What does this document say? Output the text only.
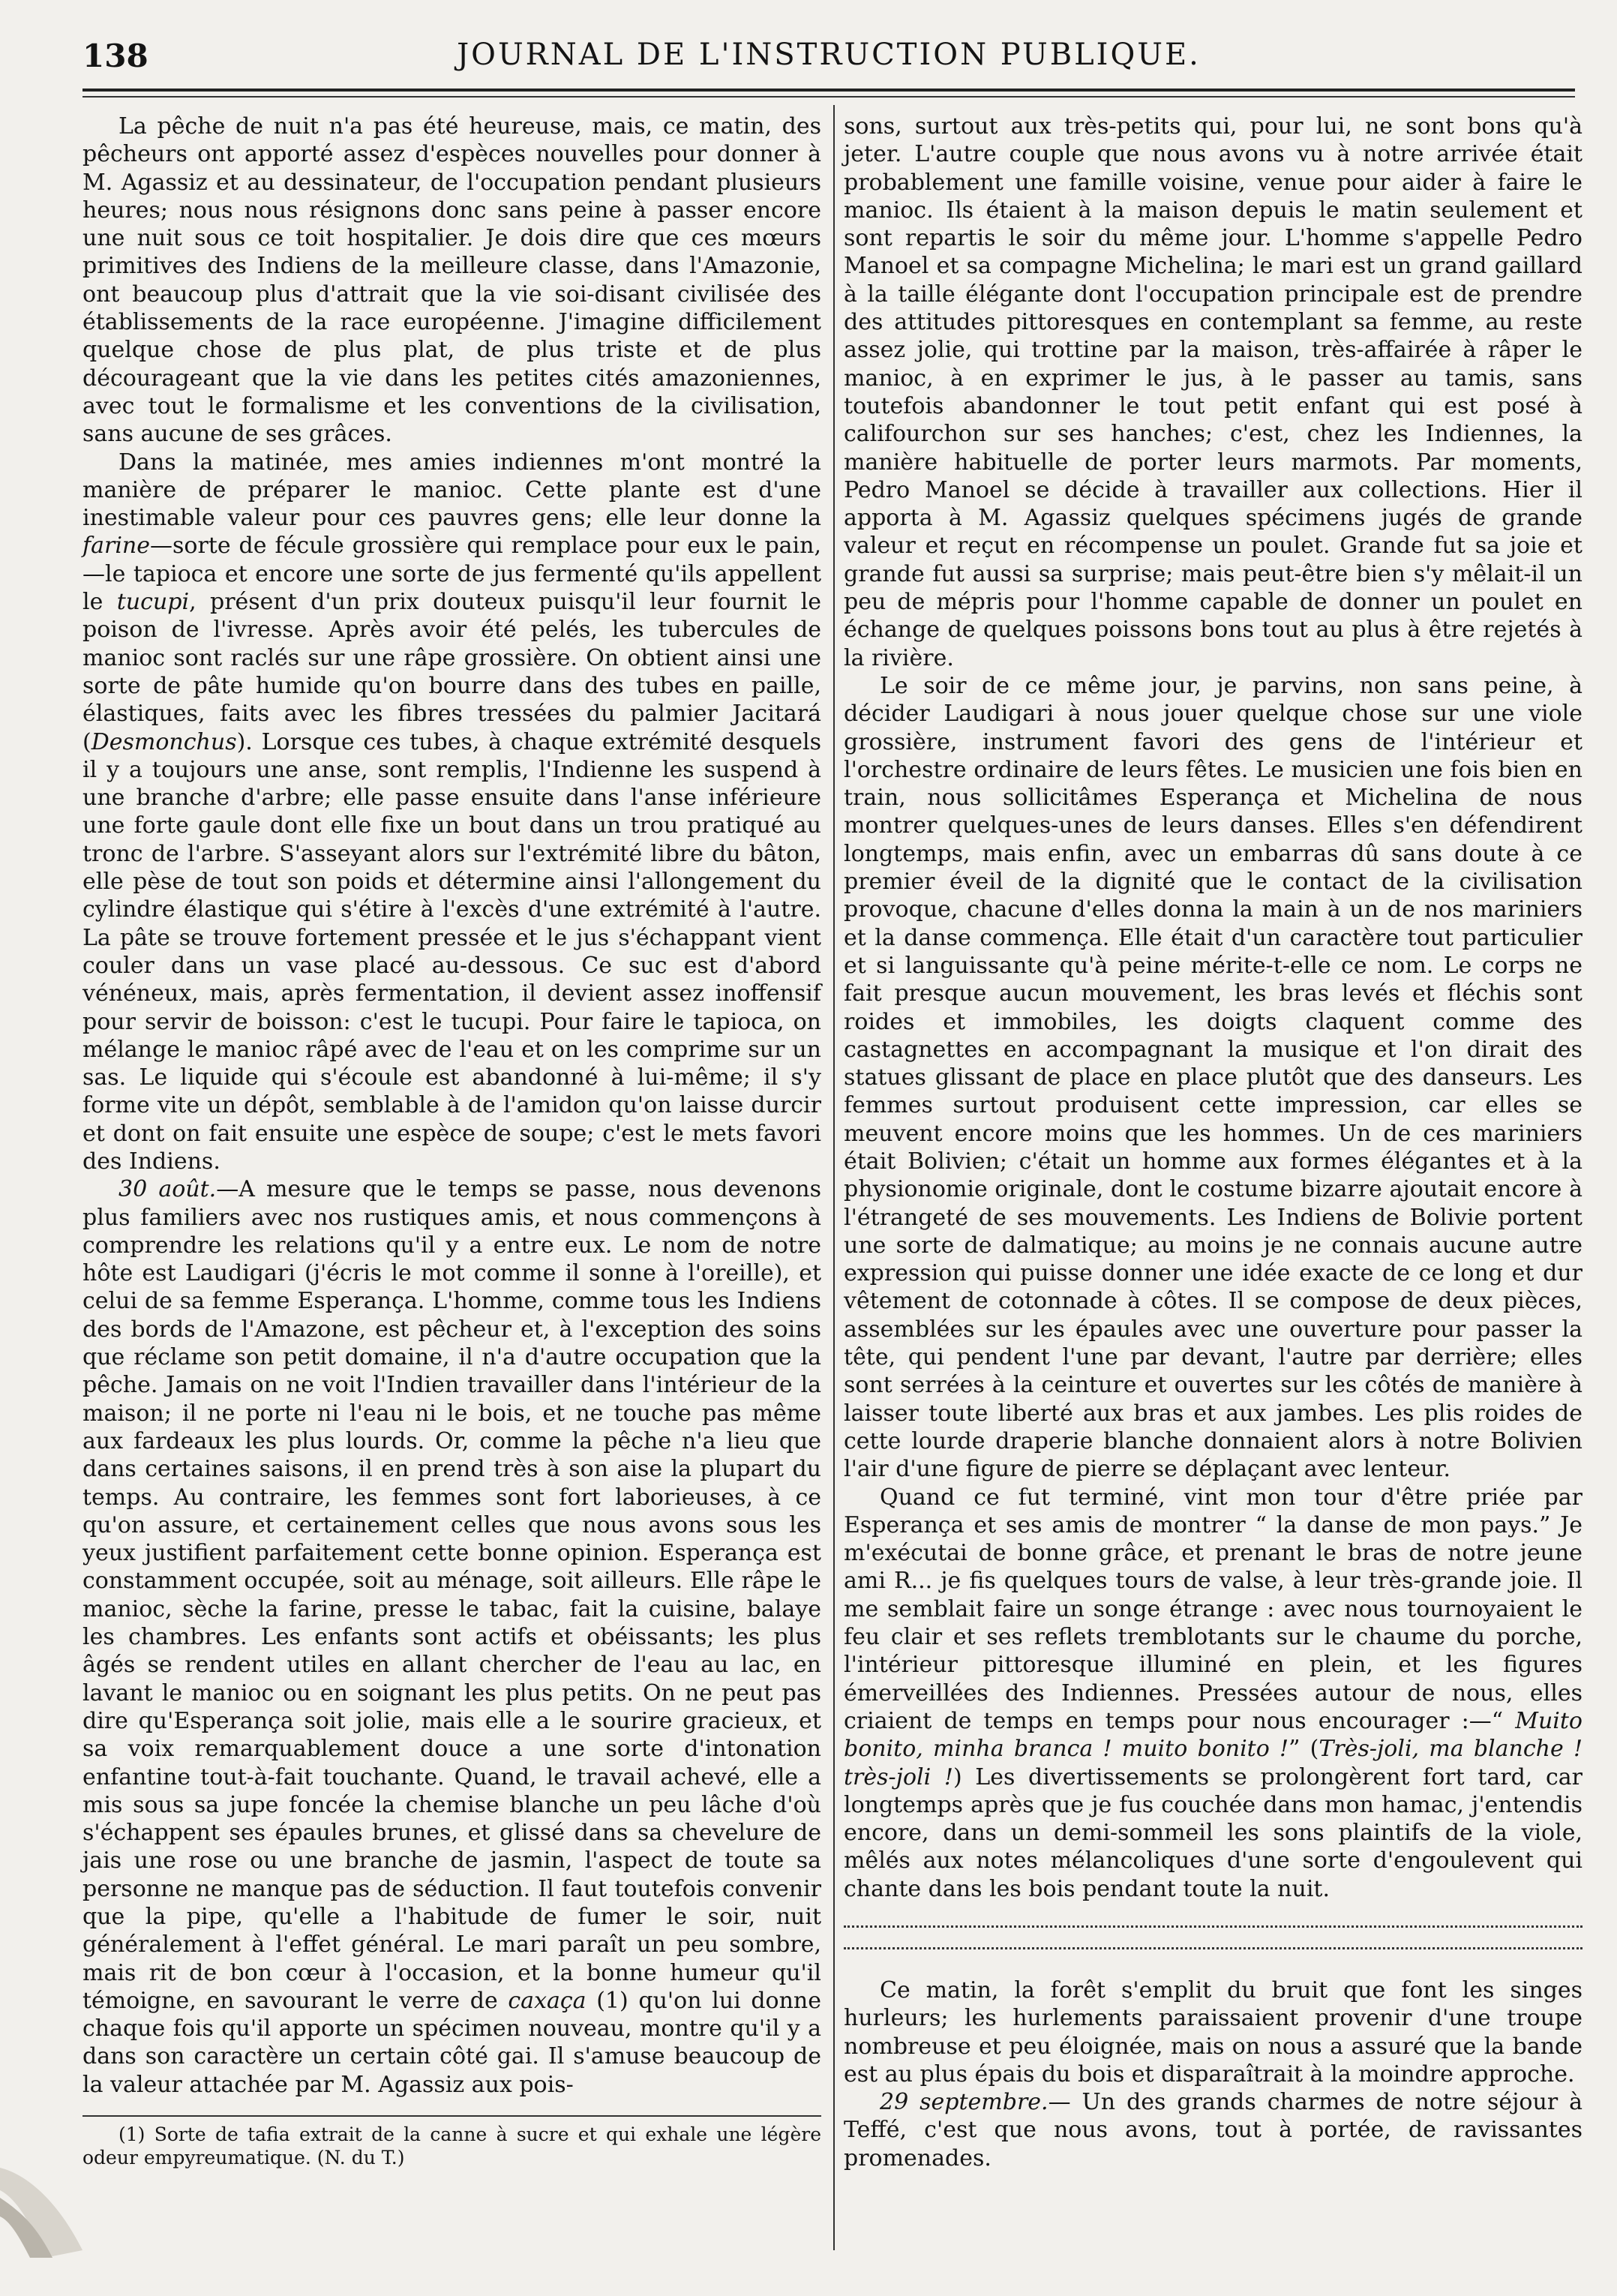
138	JOURNAL DE L'INSTRUCTION PUBLIQUE.

La pêche de nuit n'a pas été heureuse, mais, ce matin, des pêcheurs ont apporté assez d'espèces nouvelles pour donner à M. Agassiz et au dessinateur, de l'occupation pendant plusieurs heures; nous nous résignons donc sans peine à passer encore une nuit sous ce toit hospitalier. Je dois dire que ces mœurs primitives des Indiens de la meilleure classe, dans l'Amazonie, ont beaucoup plus d'attrait que la vie soi-disant civilisée des établissements de la race européenne. J'imagine difficilement quelque chose de plus plat, de plus triste et de plus décourageant que la vie dans les petites cités amazoniennes, avec tout le formalisme et les conventions de la civilisation, sans aucune de ses grâces.

Dans la matinée, mes amies indiennes m'ont montré la manière de préparer le manioc. Cette plante est d'une inestimable valeur pour ces pauvres gens; elle leur donne la farine—sorte de fécule grossière qui remplace pour eux le pain,—le tapioca et encore une sorte de jus fermenté qu'ils appellent le tucupi, présent d'un prix douteux puisqu'il leur fournit le poison de l'ivresse. Après avoir été pelés, les tubercules de manioc sont raclés sur une râpe grossière. On obtient ainsi une sorte de pâte humide qu'on bourre dans des tubes en paille, élastiques, faits avec les fibres tressées du palmier Jacitará (Desmonchus). Lorsque ces tubes, à chaque extrémité desquels il y a toujours une anse, sont remplis, l'Indienne les suspend à une branche d'arbre; elle passe ensuite dans l'anse inférieure une forte gaule dont elle fixe un bout dans un trou pratiqué au tronc de l'arbre. S'asseyant alors sur l'extrémité libre du bâton, elle pèse de tout son poids et détermine ainsi l'allongement du cylindre élastique qui s'étire à l'excès d'une extrémité à l'autre. La pâte se trouve fortement pressée et le jus s'échappant vient couler dans un vase placé au-dessous. Ce suc est d'abord vénéneux, mais, après fermentation, il devient assez inoffensif pour servir de boisson: c'est le tucupi. Pour faire le tapioca, on mélange le manioc râpé avec de l'eau et on les comprime sur un sas. Le liquide qui s'écoule est abandonné à lui-même; il s'y forme vite un dépôt, semblable à de l'amidon qu'on laisse durcir et dont on fait ensuite une espèce de soupe; c'est le mets favori des Indiens.

30 août.—A mesure que le temps se passe, nous devenons plus familiers avec nos rustiques amis, et nous commençons à comprendre les relations qu'il y a entre eux. Le nom de notre hôte est Laudigari (j'écris le mot comme il sonne à l'oreille), et celui de sa femme Esperança. L'homme, comme tous les Indiens des bords de l'Amazone, est pêcheur et, à l'exception des soins que réclame son petit domaine, il n'a d'autre occupation que la pêche. Jamais on ne voit l'Indien travailler dans l'intérieur de la maison; il ne porte ni l'eau ni le bois, et ne touche pas même aux fardeaux les plus lourds. Or, comme la pêche n'a lieu que dans certaines saisons, il en prend très à son aise la plupart du temps. Au contraire, les femmes sont fort laborieuses, à ce qu'on assure, et certainement celles que nous avons sous les yeux justifient parfaitement cette bonne opinion. Esperança est constamment occupée, soit au ménage, soit ailleurs. Elle râpe le manioc, sèche la farine, presse le tabac, fait la cuisine, balaye les chambres. Les enfants sont actifs et obéissants; les plus âgés se rendent utiles en allant chercher de l'eau au lac, en lavant le manioc ou en soignant les plus petits. On ne peut pas dire qu'Esperança soit jolie, mais elle a le sourire gracieux, et sa voix remarquablement douce a une sorte d'intonation enfantine tout-à-fait touchante. Quand, le travail achevé, elle a mis sous sa jupe foncée la chemise blanche un peu lâche d'où s'échappent ses épaules brunes, et glissé dans sa chevelure de jais une rose ou une branche de jasmin, l'aspect de toute sa personne ne manque pas de séduction. Il faut toutefois convenir que la pipe, qu'elle a l'habitude de fumer le soir, nuit généralement à l'effet général. Le mari paraît un peu sombre, mais rit de bon cœur à l'occasion, et la bonne humeur qu'il témoigne, en savourant le verre de caxaça (1) qu'on lui donne chaque fois qu'il apporte un spécimen nouveau, montre qu'il y a dans son caractère un certain côté gai. Il s'amuse beaucoup de la valeur attachée par M. Agassiz aux pois-

(1) Sorte de tafia extrait de la canne à sucre et qui exhale une légère odeur empyreumatique. (N. du T.)

sons, surtout aux très-petits qui, pour lui, ne sont bons qu'à jeter. L'autre couple que nous avons vu à notre arrivée était probablement une famille voisine, venue pour aider à faire le manioc. Ils étaient à la maison depuis le matin seulement et sont repartis le soir du même jour. L'homme s'appelle Pedro Manoel et sa compagne Michelina; le mari est un grand gaillard à la taille élégante dont l'occupation principale est de prendre des attitudes pittoresques en contemplant sa femme, au reste assez jolie, qui trottine par la maison, très-affairée à râper le manioc, à en exprimer le jus, à le passer au tamis, sans toutefois abandonner le tout petit enfant qui est posé à califourchon sur ses hanches; c'est, chez les Indiennes, la manière habituelle de porter leurs marmots. Par moments, Pedro Manoel se décide à travailler aux collections. Hier il apporta à M. Agassiz quelques spécimens jugés de grande valeur et reçut en récompense un poulet. Grande fut sa joie et grande fut aussi sa surprise; mais peut-être bien s'y mêlait-il un peu de mépris pour l'homme capable de donner un poulet en échange de quelques poissons bons tout au plus à être rejetés à la rivière.

Le soir de ce même jour, je parvins, non sans peine, à décider Laudigari à nous jouer quelque chose sur une viole grossière, instrument favori des gens de l'intérieur et l'orchestre ordinaire de leurs fêtes. Le musicien une fois bien en train, nous sollicitâmes Esperança et Michelina de nous montrer quelques-unes de leurs danses. Elles s'en défendirent longtemps, mais enfin, avec un embarras dû sans doute à ce premier éveil de la dignité que le contact de la civilisation provoque, chacune d'elles donna la main à un de nos mariniers et la danse commença. Elle était d'un caractère tout particulier et si languissante qu'à peine mérite-t-elle ce nom. Le corps ne fait presque aucun mouvement, les bras levés et fléchis sont roides et immobiles, les doigts claquent comme des castagnettes en accompagnant la musique et l'on dirait des statues glissant de place en place plutôt que des danseurs. Les femmes surtout produisent cette impression, car elles se meuvent encore moins que les hommes. Un de ces mariniers était Bolivien; c'était un homme aux formes élégantes et à la physionomie originale, dont le costume bizarre ajoutait encore à l'étrangeté de ses mouvements. Les Indiens de Bolivie portent une sorte de dalmatique; au moins je ne connais aucune autre expression qui puisse donner une idée exacte de ce long et dur vêtement de cotonnade à côtes. Il se compose de deux pièces, assemblées sur les épaules avec une ouverture pour passer la tête, qui pendent l'une par devant, l'autre par derrière; elles sont serrées à la ceinture et ouvertes sur les côtés de manière à laisser toute liberté aux bras et aux jambes. Les plis roides de cette lourde draperie blanche donnaient alors à notre Bolivien l'air d'une figure de pierre se déplaçant avec lenteur.

Quand ce fut terminé, vint mon tour d'être priée par Esperança et ses amis de montrer “ la danse de mon pays.” Je m'exécutai de bonne grâce, et prenant le bras de notre jeune ami R... je fis quelques tours de valse, à leur très-grande joie. Il me semblait faire un songe étrange : avec nous tournoyaient le feu clair et ses reflets tremblotants sur le chaume du porche, l'intérieur pittoresque illuminé en plein, et les figures émerveillées des Indiennes. Pressées autour de nous, elles criaient de temps en temps pour nous encourager :—“ Muito bonito, minha branca ! muito bonito !” (Très-joli, ma blanche ! très-joli !) Les divertissements se prolongèrent fort tard, car longtemps après que je fus couchée dans mon hamac, j'entendis encore, dans un demi-sommeil les sons plaintifs de la viole, mêlés aux notes mélancoliques d'une sorte d'engoulevent qui chante dans les bois pendant toute la nuit.

Ce matin, la forêt s'emplit du bruit que font les singes hurleurs; les hurlements paraissaient provenir d'une troupe nombreuse et peu éloignée, mais on nous a assuré que la bande est au plus épais du bois et disparaîtrait à la moindre approche.

29 septembre.— Un des grands charmes de notre séjour à Teffé, c'est que nous avons, tout à portée, de ravissantes promenades.
